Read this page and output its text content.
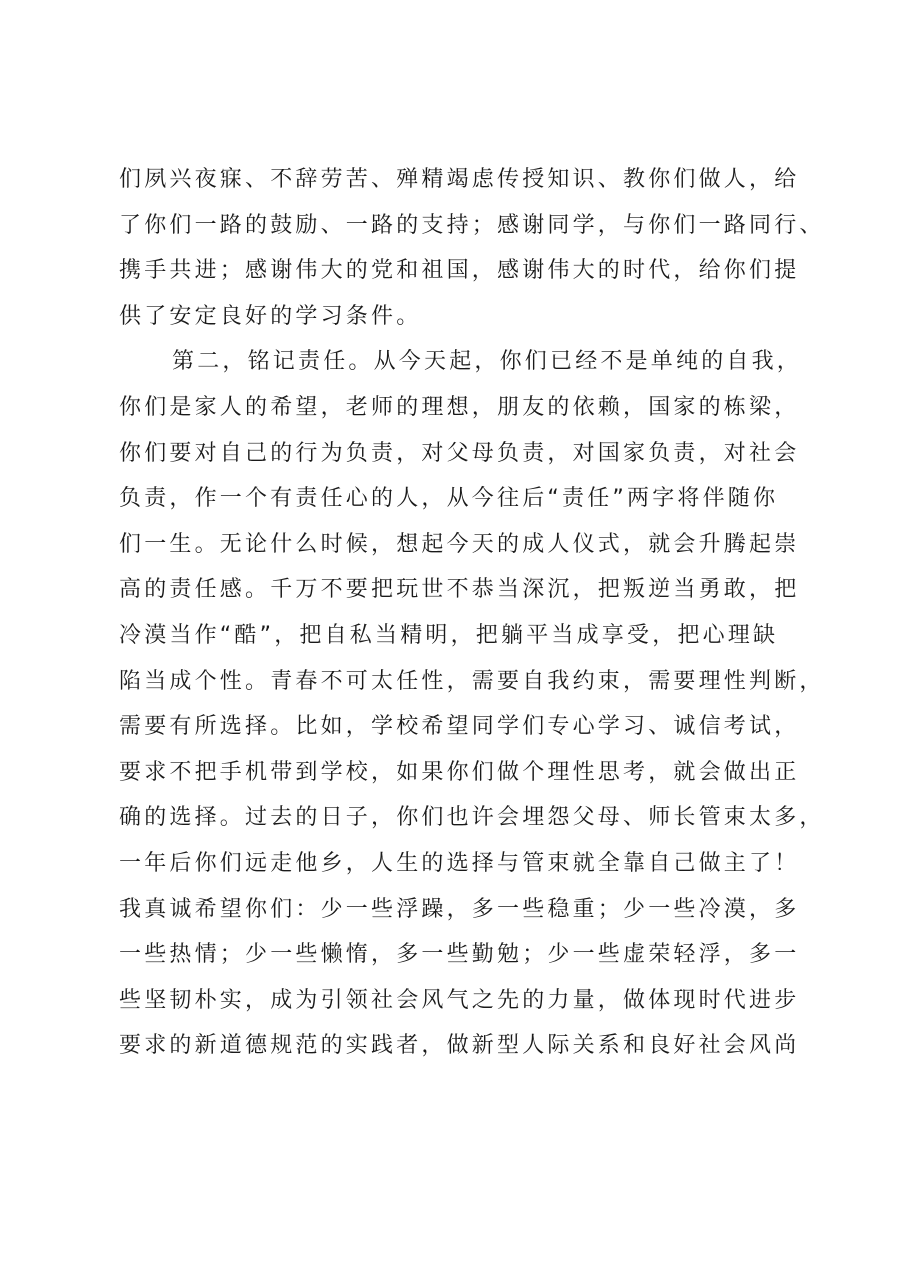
们夙兴夜寐、不辞劳苦、殚精竭虑传授知识、教你们做人，给
了你们一路的鼓励、一路的支持；感谢同学，与你们一路同行、
携手共进；感谢伟大的党和祖国，感谢伟大的时代，给你们提
供了安定良好的学习条件。
第二，铭记责任。从今天起，你们已经不是单纯的自我，
你们是家人的希望，老师的理想，朋友的依赖，国家的栋梁，
你们要对自己的行为负责，对父母负责，对国家负责，对社会
负责，作一个有责任心的人，从今往后“责任”两字将伴随你
们一生。无论什么时候，想起今天的成人仪式，就会升腾起崇
高的责任感。千万不要把玩世不恭当深沉，把叛逆当勇敢，把
冷漠当作“酷”，把自私当精明，把躺平当成享受，把心理缺
陷当成个性。青春不可太任性，需要自我约束，需要理性判断，
需要有所选择。比如，学校希望同学们专心学习、诚信考试，
要求不把手机带到学校，如果你们做个理性思考，就会做出正
确的选择。过去的日子，你们也许会埋怨父母、师长管束太多，
一年后你们远走他乡，人生的选择与管束就全靠自己做主了！
我真诚希望你们：少一些浮躁，多一些稳重；少一些冷漠，多
一些热情；少一些懒惰，多一些勤勉；少一些虚荣轻浮，多一
些坚韧朴实，成为引领社会风气之先的力量，做体现时代进步
要求的新道德规范的实践者，做新型人际关系和良好社会风尚
